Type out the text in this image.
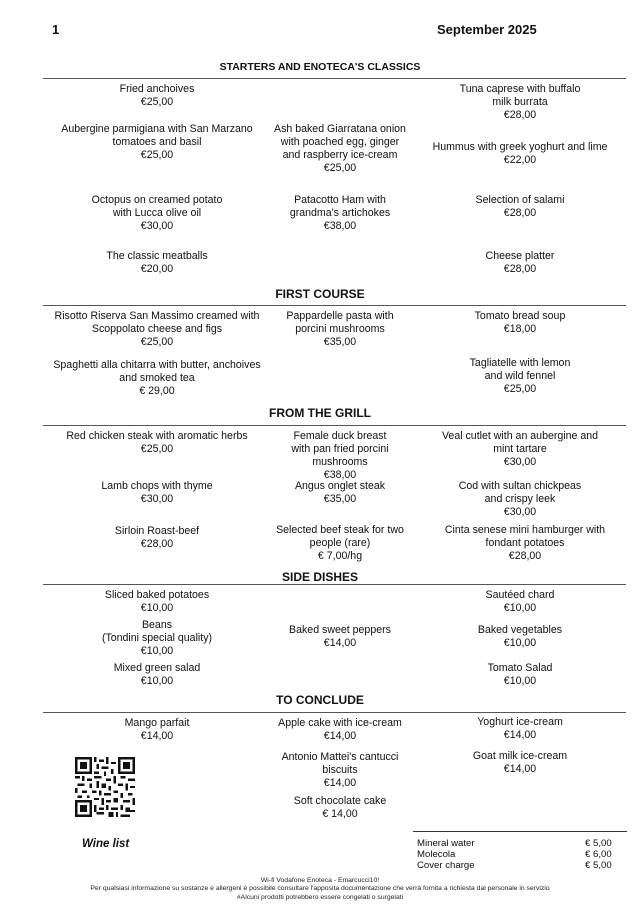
1	September 2025
STARTERS AND ENOTECA'S CLASSICS
Fried anchoives
€25,00
Tuna caprese with buffalo milk burrata
€28,00
Aubergine parmigiana with San Marzano tomatoes and basil
€25,00
Ash baked Giarratana onion with poached egg, ginger and raspberry ice-cream
€25,00
Hummus with greek yoghurt and lime
€22,00
Octopus on creamed potato with Lucca olive oil
€30,00
Patacotto Ham with grandma's artichokes
€38,00
Selection of salami
€28,00
The classic meatballs
€20,00
Cheese platter
€28,00
FIRST COURSE
Risotto Riserva San Massimo creamed with Scoppolato cheese and figs
€25,00
Pappardelle pasta with porcini mushrooms
€35,00
Tomato bread soup
€18,00
Spaghetti alla chitarra with butter, anchoives and smoked tea
€ 29,00
Tagliatelle with lemon and wild fennel
€25,00
FROM THE GRILL
Red chicken steak with aromatic herbs
€25,00
Female duck breast with pan fried porcini mushrooms
€38,00
Veal cutlet with an aubergine and mint tartare
€30,00
Lamb chops with thyme
€30,00
Angus onglet steak
€35,00
Cod with sultan chickpeas and crispy leek
€30,00
Sirloin Roast-beef
€28,00
Selected beef steak for two people (rare)
€ 7,00/hg
Cinta senese mini hamburger with fondant potatoes
€28,00
SIDE DISHES
Sliced baked potatoes
€10,00
Sautéed chard
€10,00
Beans
(Tondini special quality)
€10,00
Baked sweet peppers
€14,00
Baked vegetables
€10,00
Mixed green salad
€10,00
Tomato Salad
€10,00
TO CONCLUDE
Mango parfait
€14,00
Apple cake with ice-cream
€14,00
Yoghurt ice-cream
€14,00
Antonio Mattei's cantucci biscuits
€14,00
Goat milk ice-cream
€14,00
Soft chocolate cake
€ 14,00
Wine list	Mineral water	€ 5,00
Molecola	€ 6,00
Cover charge	€ 5,00
Wi-fi Vodafone Enoteca - Emarcucci10!
Per qualsiasi informazione su sostanze e allergeni è possibile consultare l'apposita documentazione che verrà fornita a richiesta dal personale in servizio
#Alcuni prodotti potrebbero essere congelati o surgelati
